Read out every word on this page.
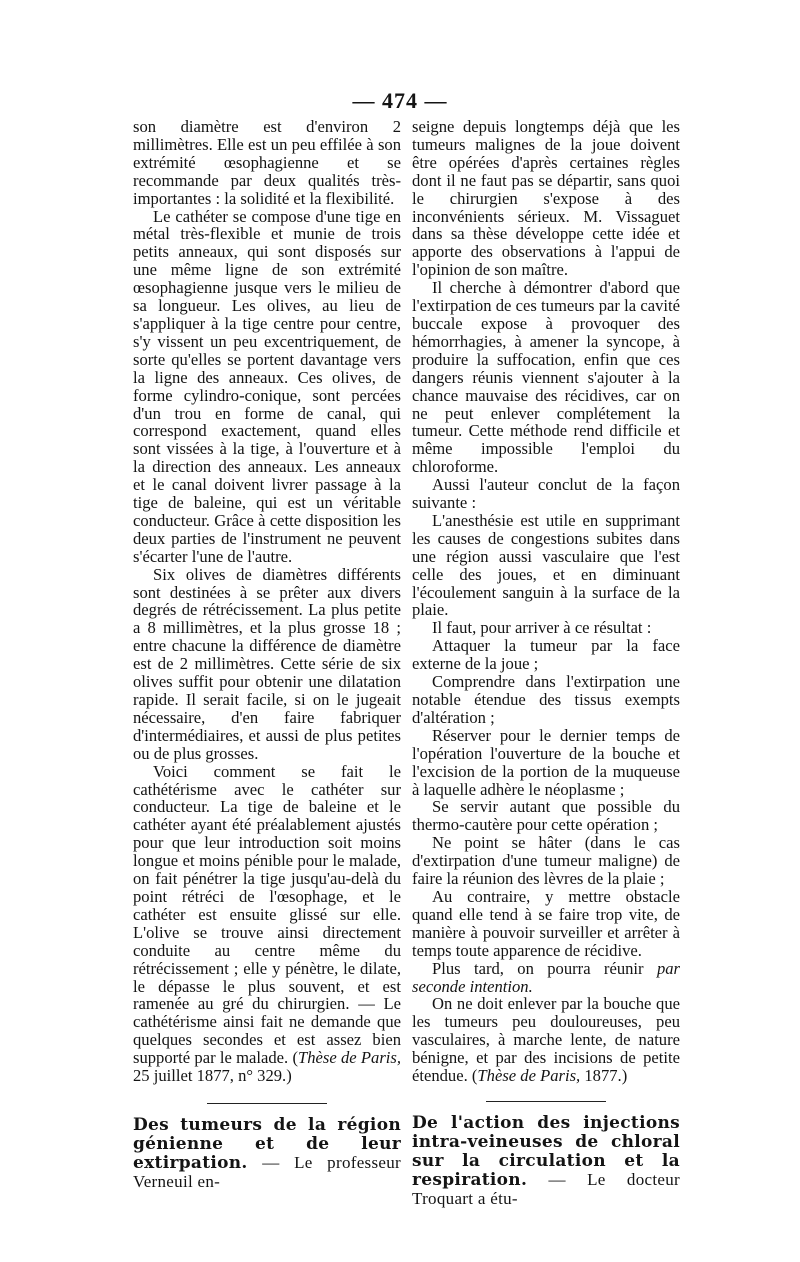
— 474 —

son diamètre est d'environ 2 millimètres. Elle est un peu effilée à son extrémité œsophagienne et se recommande par deux qualités très-importantes : la solidité et la flexibilité.

Le cathéter se compose d'une tige en métal très-flexible et munie de trois petits anneaux, qui sont disposés sur une même ligne de son extrémité œsophagienne jusque vers le milieu de sa longueur. Les olives, au lieu de s'appliquer à la tige centre pour centre, s'y vissent un peu excentriquement, de sorte qu'elles se portent davantage vers la ligne des anneaux. Ces olives, de forme cylindro-conique, sont percées d'un trou en forme de canal, qui correspond exactement, quand elles sont vissées à la tige, à l'ouverture et à la direction des anneaux. Les anneaux et le canal doivent livrer passage à la tige de baleine, qui est un véritable conducteur. Grâce à cette disposition les deux parties de l'instrument ne peuvent s'écarter l'une de l'autre.

Six olives de diamètres différents sont destinées à se prêter aux divers degrés de rétrécissement. La plus petite a 8 millimètres, et la plus grosse 18 ; entre chacune la différence de diamètre est de 2 millimètres. Cette série de six olives suffit pour obtenir une dilatation rapide. Il serait facile, si on le jugeait nécessaire, d'en faire fabriquer d'intermédiaires, et aussi de plus petites ou de plus grosses.

Voici comment se fait le cathétérisme avec le cathéter sur conducteur. La tige de baleine et le cathéter ayant été préalablement ajustés pour que leur introduction soit moins longue et moins pénible pour le malade, on fait pénétrer la tige jusqu'au-delà du point rétréci de l'œsophage, et le cathéter est ensuite glissé sur elle. L'olive se trouve ainsi directement conduite au centre même du rétrécissement ; elle y pénètre, le dilate, le dépasse le plus souvent, et est ramenée au gré du chirurgien. — Le cathétérisme ainsi fait ne demande que quelques secondes et est assez bien supporté par le malade. (Thèse de Paris, 25 juillet 1877, n° 329.)

Des tumeurs de la région génienne et de leur extirpation. — Le professeur Verneuil en-

seigne depuis longtemps déjà que les tumeurs malignes de la joue doivent être opérées d'après certaines règles dont il ne faut pas se départir, sans quoi le chirurgien s'expose à des inconvénients sérieux. M. Vissaguet dans sa thèse développe cette idée et apporte des observations à l'appui de l'opinion de son maître.

Il cherche à démontrer d'abord que l'extirpation de ces tumeurs par la cavité buccale expose à provoquer des hémorrhagies, à amener la syncope, à produire la suffocation, enfin que ces dangers réunis viennent s'ajouter à la chance mauvaise des récidives, car on ne peut enlever complétement la tumeur. Cette méthode rend difficile et même impossible l'emploi du chloroforme.

Aussi l'auteur conclut de la façon suivante :

L'anesthésie est utile en supprimant les causes de congestions subites dans une région aussi vasculaire que l'est celle des joues, et en diminuant l'écoulement sanguin à la surface de la plaie.

Il faut, pour arriver à ce résultat :

Attaquer la tumeur par la face externe de la joue ;

Comprendre dans l'extirpation une notable étendue des tissus exempts d'altération ;

Réserver pour le dernier temps de l'opération l'ouverture de la bouche et l'excision de la portion de la muqueuse à laquelle adhère le néoplasme ;

Se servir autant que possible du thermo-cautère pour cette opération ;

Ne point se hâter (dans le cas d'extirpation d'une tumeur maligne) de faire la réunion des lèvres de la plaie ;

Au contraire, y mettre obstacle quand elle tend à se faire trop vite, de manière à pouvoir surveiller et arrêter à temps toute apparence de récidive.

Plus tard, on pourra réunir par seconde intention.

On ne doit enlever par la bouche que les tumeurs peu douloureuses, peu vasculaires, à marche lente, de nature bénigne, et par des incisions de petite étendue. (Thèse de Paris, 1877.)

De l'action des injections intra-veineuses de chloral sur la circulation et la respiration. — Le docteur Troquart a étu-
